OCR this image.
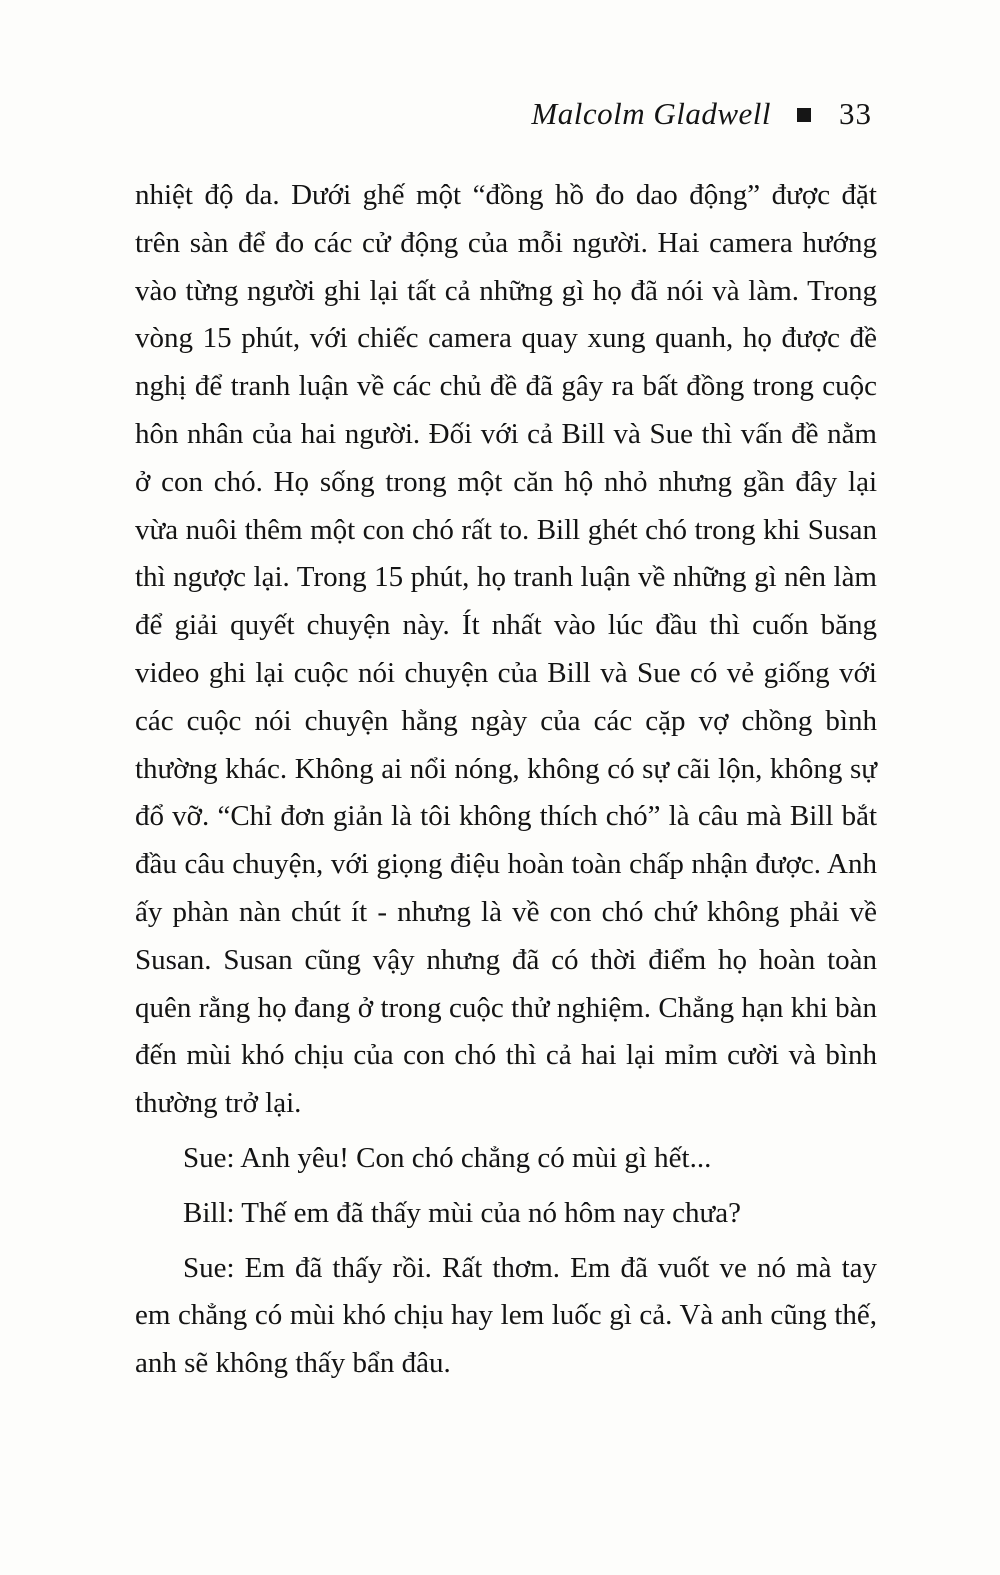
Malcolm Gladwell 33

nhiệt độ da. Dưới ghế một “đồng hồ đo dao động” được đặt trên sàn để đo các cử động của mỗi người. Hai camera hướng vào từng người ghi lại tất cả những gì họ đã nói và làm. Trong vòng 15 phút, với chiếc camera quay xung quanh, họ được đề nghị để tranh luận về các chủ đề đã gây ra bất đồng trong cuộc hôn nhân của hai người. Đối với cả Bill và Sue thì vấn đề nằm ở con chó. Họ sống trong một căn hộ nhỏ nhưng gần đây lại vừa nuôi thêm một con chó rất to. Bill ghét chó trong khi Susan thì ngược lại. Trong 15 phút, họ tranh luận về những gì nên làm để giải quyết chuyện này. Ít nhất vào lúc đầu thì cuốn băng video ghi lại cuộc nói chuyện của Bill và Sue có vẻ giống với các cuộc nói chuyện hằng ngày của các cặp vợ chồng bình thường khác. Không ai nổi nóng, không có sự cãi lộn, không sự đổ vỡ. “Chỉ đơn giản là tôi không thích chó” là câu mà Bill bắt đầu câu chuyện, với giọng điệu hoàn toàn chấp nhận được. Anh ấy phàn nàn chút ít - nhưng là về con chó chứ không phải về Susan. Susan cũng vậy nhưng đã có thời điểm họ hoàn toàn quên rằng họ đang ở trong cuộc thử nghiệm. Chẳng hạn khi bàn đến mùi khó chịu của con chó thì cả hai lại mỉm cười và bình thường trở lại.

Sue: Anh yêu! Con chó chẳng có mùi gì hết...

Bill: Thế em đã thấy mùi của nó hôm nay chưa?

Sue: Em đã thấy rồi. Rất thơm. Em đã vuốt ve nó mà tay em chẳng có mùi khó chịu hay lem luốc gì cả. Và anh cũng thế, anh sẽ không thấy bẩn đâu.
